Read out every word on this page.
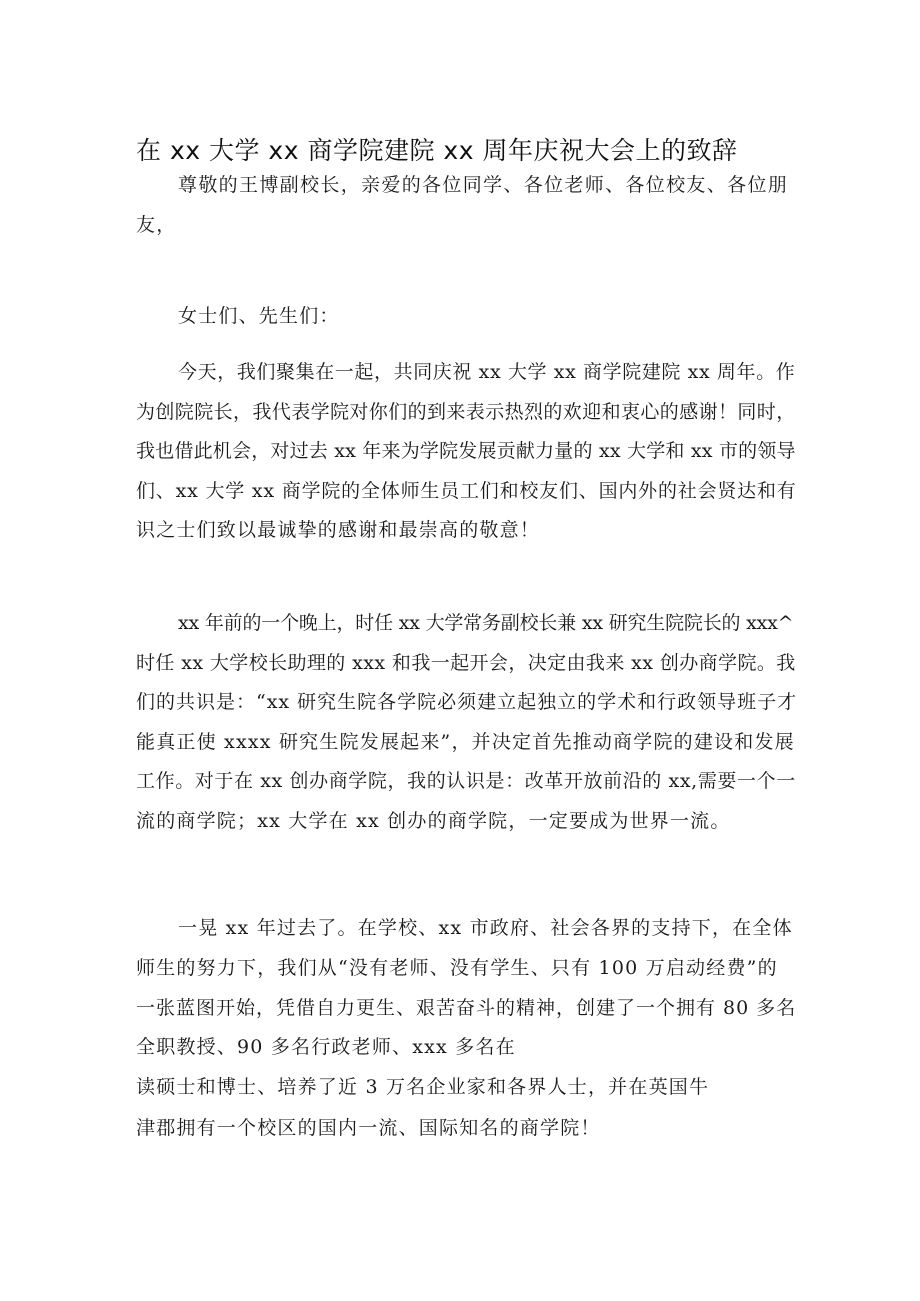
在 xx 大学 xx 商学院建院 xx 周年庆祝大会上的致辞
尊敬的王博副校长，亲爱的各位同学、各位老师、各位校友、各位朋
友，
女士们、先生们：
今天，我们聚集在一起，共同庆祝 xx 大学 xx 商学院建院 xx 周年。作
为创院院长，我代表学院对你们的到来表示热烈的欢迎和衷心的感谢！同时，
我也借此机会，对过去 xx 年来为学院发展贡献力量的 xx 大学和 xx 市的领导
们、xx 大学 xx 商学院的全体师生员工们和校友们、国内外的社会贤达和有
识之士们致以最诚挚的感谢和最崇高的敬意！
xx 年前的一个晚上，时任 xx 大学常务副校长兼 xx 研究生院院长的 xxx^
时任 xx 大学校长助理的 xxx 和我一起开会，决定由我来 xx 创办商学院。我
们的共识是：“xx 研究生院各学院必须建立起独立的学术和行政领导班子才
能真正使 xxxx 研究生院发展起来”，并决定首先推动商学院的建设和发展
工作。对于在 xx 创办商学院，我的认识是：改革开放前沿的 xx,需要一个一
流的商学院；xx 大学在 xx 创办的商学院，一定要成为世界一流。
一晃 xx 年过去了。在学校、xx 市政府、社会各界的支持下，在全体
师生的努力下，我们从“没有老师、没有学生、只有 100 万启动经费”的
一张蓝图开始，凭借自力更生、艰苦奋斗的精神，创建了一个拥有 80 多名
全职教授、90 多名行政老师、xxx 多名在
读硕士和博士、培养了近 3 万名企业家和各界人士，并在英国牛
津郡拥有一个校区的国内一流、国际知名的商学院！
